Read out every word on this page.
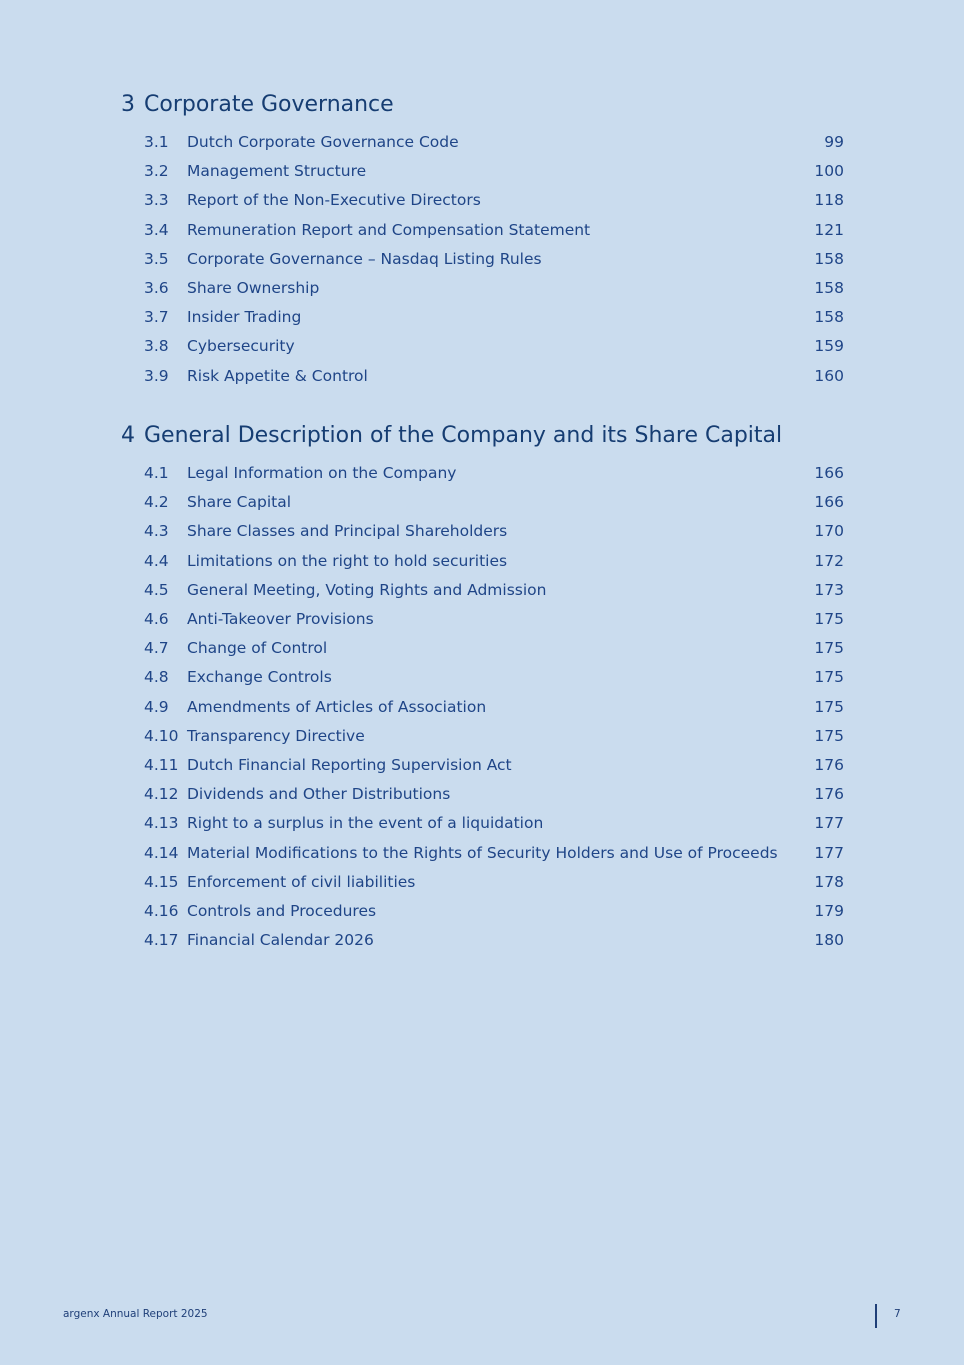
3 Corporate Governance
3.1	Dutch Corporate Governance Code	99
3.2	Management Structure	100
3.3	Report of the Non-Executive Directors	118
3.4	Remuneration Report and Compensation Statement	121
3.5	Corporate Governance – Nasdaq Listing Rules	158
3.6	Share Ownership	158
3.7	Insider Trading	158
3.8	Cybersecurity	159
3.9	Risk Appetite & Control	160
4 General Description of the Company and its Share Capital
4.1	Legal Information on the Company	166
4.2	Share Capital	166
4.3	Share Classes and Principal Shareholders	170
4.4	Limitations on the right to hold securities	172
4.5	General Meeting, Voting Rights and Admission	173
4.6	Anti-Takeover Provisions	175
4.7	Change of Control	175
4.8	Exchange Controls	175
4.9	Amendments of Articles of Association	175
4.10 Transparency Directive	175
4.11 Dutch Financial Reporting Supervision Act	176
4.12 Dividends and Other Distributions	176
4.13 Right to a surplus in the event of a liquidation	177
4.14 Material Modifications to the Rights of Security Holders and Use of Proceeds	177
4.15 Enforcement of civil liabilities	178
4.16 Controls and Procedures	179
4.17 Financial Calendar 2026	180
argenx Annual Report 2025	7
